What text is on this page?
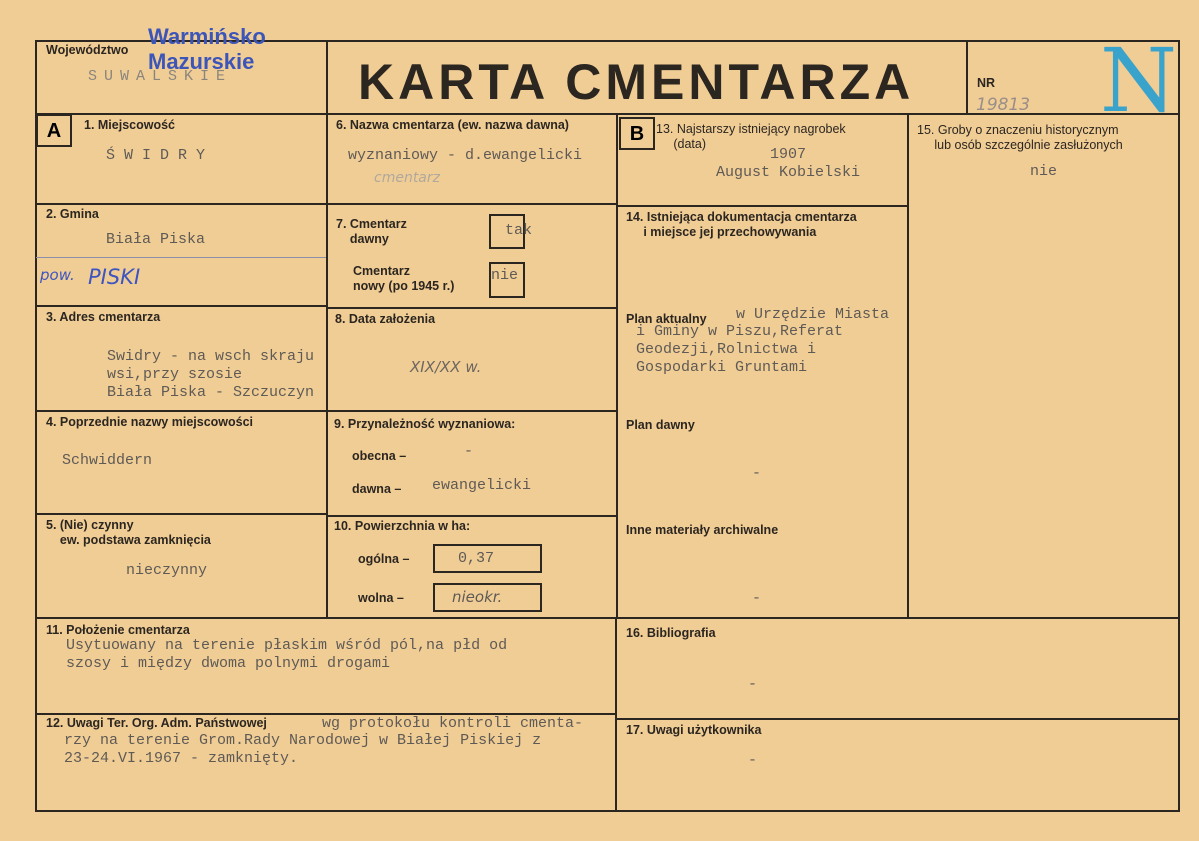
Województwo
SUWALSKIE
Warmińsko
Mazurskie KARTA CMENTARZA	NR
19813 N
A	1. Miejscowość
Ś W I D R Y
2. Gmina
Biała Piska
pow. PISKI
3. Adres cmentarza
Swidry - na wsch skraju
wsi,przy szosie
Biała Piska - Szczuczyn
4. Poprzednie nazwy miejscowości
Schwiddern
5. (Nie) czynny
ew. podstawa zamknięcia
nieczynny
6. Nazwa cmentarza (ew. nazwa dawna)
wyznaniowy - d.ewangelicki
cmentarz
7. Cmentarz
dawny	tak
Cmentarz
nowy (po 1945 r.)
nie
8. Data założenia
XIX/XX w.
9. Przynależność wyznaniowa:
obecna –	-
dawna – ewangelicki
10. Powierzchnia w ha:
ogólna –	0,37
wolna –	nieokr.
B 13. Najstarszy istniejący nagrobek
(data)
1907
August Kobielski
14. Istniejąca dokumentacja cmentarza
i miejsce jej przechowywania
Plan aktualny w Urzędzie Miasta
i Gminy w Piszu,Referat
Geodezji,Rolnictwa i
Gospodarki Gruntami
Plan dawny
-
Inne materiały archiwalne
-
15. Groby o znaczeniu historycznym
lub osób szczególnie zasłużonych
nie
11. Położenie cmentarza
Usytuowany na terenie płaskim wśród pól,na płd od
szosy i między dwoma polnymi drogami
12. Uwagi Ter. Org. Adm. Państwowej	wg protokołu kontroli cmenta-
rzy na terenie Grom.Rady Narodowej w Białej Piskiej z
23-24.VI.1967 - zamknięty.
16. Bibliografia
-
17. Uwagi użytkownika
-
